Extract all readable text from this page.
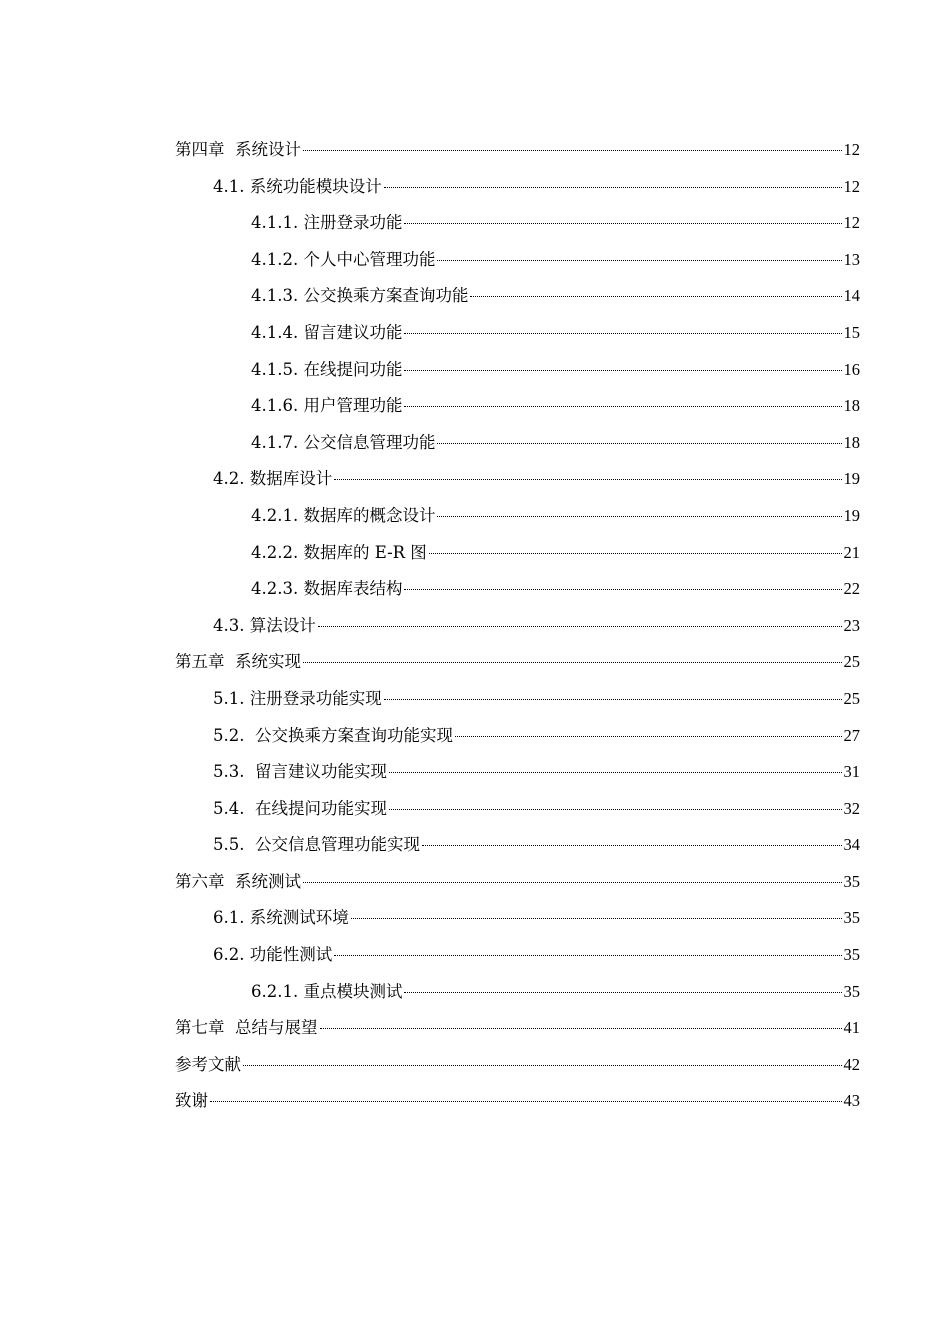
第四章  系统设计	12
4.1. 系统功能模块设计	12
4.1.1. 注册登录功能	12
4.1.2. 个人中心管理功能	13
4.1.3. 公交换乘方案查询功能	14
4.1.4. 留言建议功能	15
4.1.5. 在线提问功能	16
4.1.6. 用户管理功能	18
4.1.7. 公交信息管理功能	18
4.2. 数据库设计	19
4.2.1. 数据库的概念设计	19
4.2.2. 数据库的 E-R 图	21
4.2.3. 数据库表结构	22
4.3. 算法设计	23
第五章  系统实现	25
5.1. 注册登录功能实现	25
5.2.  公交换乘方案查询功能实现	27
5.3.  留言建议功能实现	31
5.4.  在线提问功能实现	32
5.5.  公交信息管理功能实现	34
第六章  系统测试	35
6.1. 系统测试环境	35
6.2. 功能性测试	35
6.2.1. 重点模块测试	35
第七章  总结与展望	41
参考文献	42
致谢	43
